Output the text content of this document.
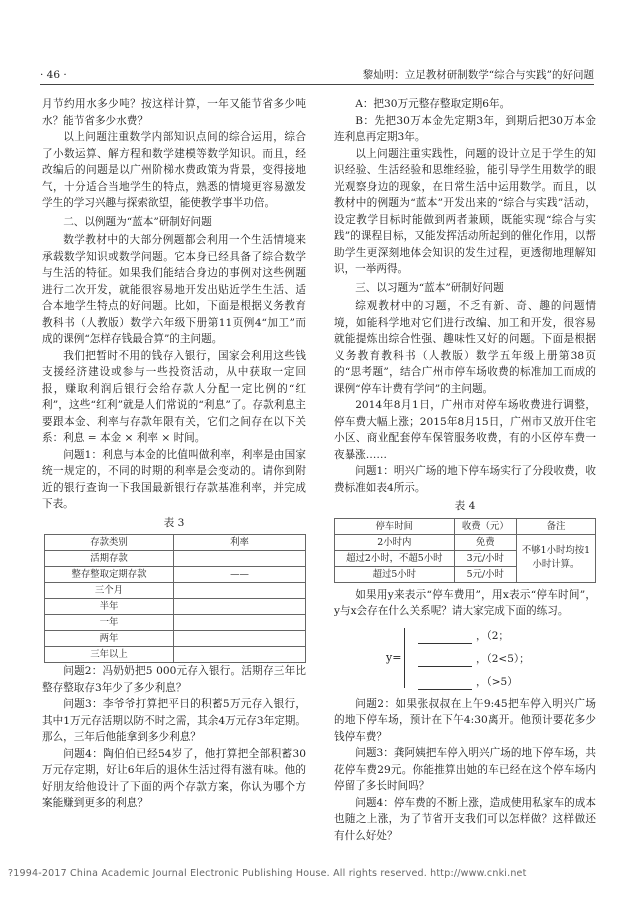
· 46 ·	黎灿明：立足教材研制数学“综合与实践”的好问题

月节约用水多少吨？按这样计算，一年又能节省多少吨水？能节省多少水费？

以上问题注重数学内部知识点间的综合运用，综合了小数运算、解方程和数学建模等数学知识。而且，经改编后的问题是以广州阶梯水费政策为背景，变得接地气，十分适合当地学生的特点，熟悉的情境更容易激发学生的学习兴趣与探索欲望，能使教学事半功倍。

二、以例题为“蓝本”研制好问题

数学教材中的大部分例题都会利用一个生活情境来承载数学知识或数学问题。它本身已经具备了综合数学与生活的特征。如果我们能结合身边的事例对这些例题进行二次开发，就能很容易地开发出贴近学生生活、适合本地学生特点的好问题。比如，下面是根据义务教育教科书（人教版）数学六年级下册第11页例4“加工”而成的课例“怎样存钱最合算”的主问题。

我们把暂时不用的钱存入银行，国家会利用这些钱支援经济建设或参与一些投资活动，从中获取一定回报，赚取利润后银行会给存款人分配一定比例的“红利”，这些“红利”就是人们常说的“利息”了。存款利息主要跟本金、利率与存款年限有关，它们之间存在以下关系：利息 = 本金 × 利率 × 时间。

问题1：利息与本金的比值叫做利率，利率是由国家统一规定的，不同的时期的利率是会变动的。请你到附近的银行查询一下我国最新银行存款基准利率，并完成下表。

表 3
存款类别	利率
活期存款	
整存整取定期存款	——
三个月	
半年	
一年	
两年	
三年以上	

问题2：冯奶奶把5 000元存入银行。活期存三年比整存整取存3年少了多少利息？

问题3：李爷爷打算把平日的积蓄5万元存入银行，其中1万元存活期以防不时之需，其余4万元存3年定期。那么，三年后他能拿到多少利息？

问题4：陶伯伯已经54岁了，他打算把全部积蓄30万元存定期，好让6年后的退休生活过得有滋有味。他的好朋友给他设计了下面的两个存款方案，你认为哪个方案能赚到更多的利息？

A：把30万元整存整取定期6年。

B：先把30万本金先定期3年，到期后把30万本金连利息再定期3年。

以上问题注重实践性，问题的设计立足于学生的知识经验、生活经验和思维经验，能引导学生用数学的眼光观察身边的现象，在日常生活中运用数学。而且，以教材中的例题为“蓝本”开发出来的“综合与实践”活动，设定教学目标时能做到两者兼顾，既能实现“综合与实践”的课程目标，又能发挥活动所起到的催化作用，以帮助学生更深刻地体会知识的发生过程，更透彻地理解知识，一举两得。

三、以习题为“蓝本”研制好问题

综观教材中的习题，不乏有新、奇、趣的问题情境，如能科学地对它们进行改编、加工和开发，很容易就能提炼出综合性强、趣味性又好的问题。下面是根据义务教育教科书（人教版）数学五年级上册第38页的“思考题”，结合广州市停车场收费的标准加工而成的课例“停车计费有学问”的主问题。

2014年8月1日，广州市对停车场收费进行调整，停车费大幅上涨；2015年8月15日，广州市又放开住宅小区、商业配套停车保管服务收费，有的小区停车费一夜暴涨……

问题1：明兴广场的地下停车场实行了分段收费，收费标准如表4所示。

表 4
停车时间	收费（元）	备注
2小时内	免费	不够1小时均按1小时计算。
超过2小时，不超5小时	3元/小时	
超过5小时	5元/小时	

如果用y来表示“停车费用”，用x表示“停车时间”，y与x会存在什么关系呢？请大家完成下面的练习。

y=
，（2；
，（2<5）；
，（>5）

问题2：如果张叔叔在上午9:45把车停入明兴广场的地下停车场，预计在下午4:30离开。他预计要花多少钱停车费？

问题3：龚阿姨把车停入明兴广场的地下停车场，共花停车费29元。你能推算出她的车已经在这个停车场内停留了多长时间吗？

问题4：停车费的不断上涨，造成使用私家车的成本也随之上涨，为了节省开支我们可以怎样做？这样做还有什么好处？

?1994-2017 China Academic Journal Electronic Publishing House. All rights reserved. http://www.cnki.net
